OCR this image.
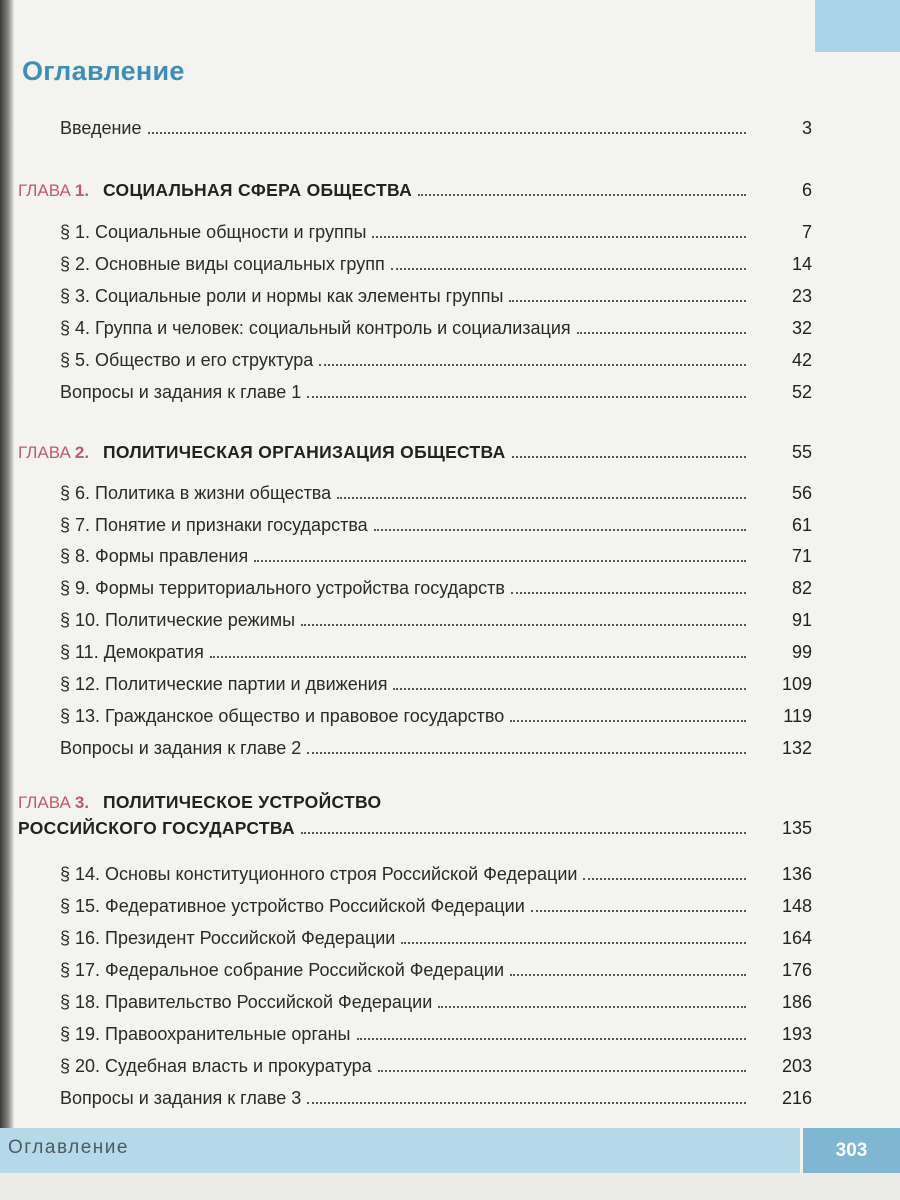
Оглавление
Введение	3
ГЛАВА 1. СОЦИАЛЬНАЯ СФЕРА ОБЩЕСТВА	6
§ 1. Социальные общности и группы	7
§ 2. Основные виды социальных групп	14
§ 3. Социальные роли и нормы как элементы группы	23
§ 4. Группа и человек: социальный контроль и социализация	32
§ 5. Общество и его структура	42
Вопросы и задания к главе 1	52
ГЛАВА 2. ПОЛИТИЧЕСКАЯ ОРГАНИЗАЦИЯ ОБЩЕСТВА	55
§ 6. Политика в жизни общества	56
§ 7. Понятие и признаки государства	61
§ 8. Формы правления	71
§ 9. Формы территориального устройства государств	82
§ 10. Политические режимы	91
§ 11. Демократия	99
§ 12. Политические партии и движения	109
§ 13. Гражданское общество и правовое государство	119
Вопросы и задания к главе 2	132
ГЛАВА 3. ПОЛИТИЧЕСКОЕ УСТРОЙСТВО
РОССИЙСКОГО ГОСУДАРСТВА	135
§ 14. Основы конституционного строя Российской Федерации	136
§ 15. Федеративное устройство Российской Федерации	148
§ 16. Президент Российской Федерации	164
§ 17. Федеральное собрание Российской Федерации	176
§ 18. Правительство Российской Федерации	186
§ 19. Правоохранительные органы	193
§ 20. Судебная власть и прокуратура	203
Вопросы и задания к главе 3	216
Оглавление	303
